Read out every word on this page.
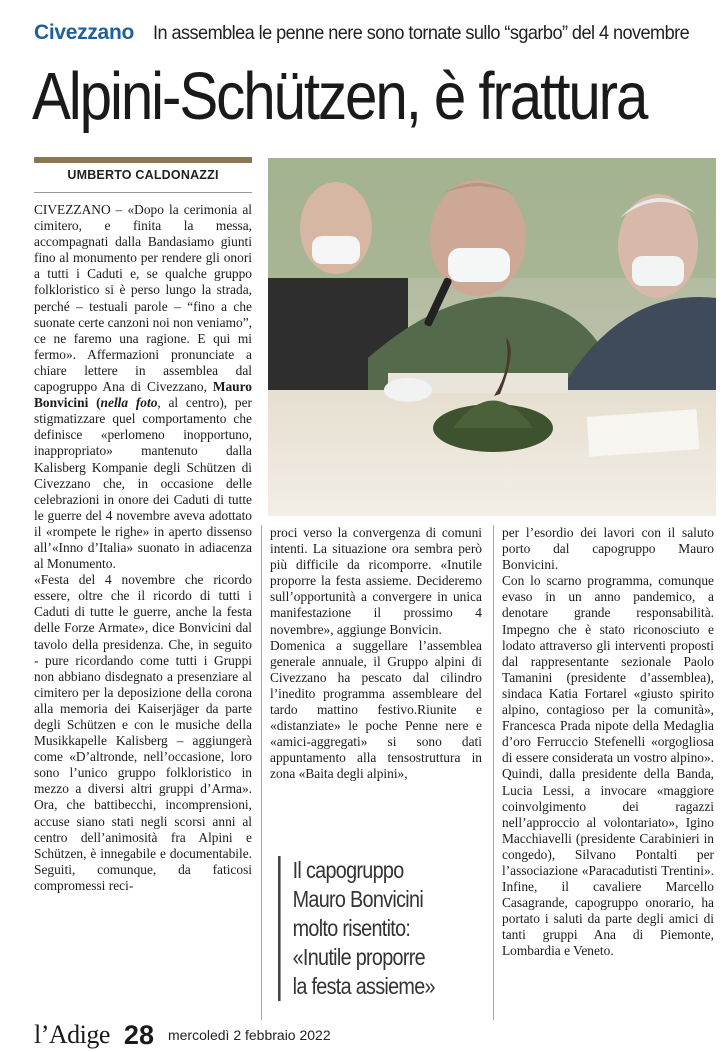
Civezzano In assemblea le penne nere sono tornate sullo “sgarbo” del 4 novembre
Alpini-Schützen, è frattura
UMBERTO CALDONAZZI

CIVEZZANO – «Dopo la cerimonia al cimitero, e finita la messa, accompagnati dalla Bandasiamo giunti fino al monumento per rendere gli onori a tutti i Caduti e, se qualche gruppo folkloristico si è perso lungo la strada, perché – testuali parole – “fino a che suonate certe canzoni noi non veniamo”, ce ne faremo una ragione. E qui mi fermo». Affermazioni pronunciate a chiare lettere in assemblea dal capogruppo Ana di Civezzano, Mauro Bonvicini (nella foto, al centro), per stigmatizzare quel comportamento che definisce «perlomeno inopportuno, inappropriato» mantenuto dalla Kalisberg Kompanie degli Schützen di Civezzano che, in occasione delle celebrazioni in onore dei Caduti di tutte le guerre del 4 novembre aveva adottato il «rompete le righe» in aperto dissenso all’«Inno d’Italia» suonato in adiacenza al Monumento.

«Festa del 4 novembre che ricordo essere, oltre che il ricordo di tutti i Caduti di tutte le guerre, anche la festa delle Forze Armate», dice Bonvicini dal tavolo della presidenza. Che, in seguito - pure ricordando come tutti i Gruppi non abbiano disdegnato a presenziare al cimitero per la deposizione della corona alla memoria dei Kaiserjäger da parte degli Schützen e con le musiche della Musikkapelle Kalisberg – aggiungerà come «D’altronde, nell’occasione, loro sono l’unico gruppo folkloristico in mezzo a diversi altri gruppi d’Arma». Ora, che battibecchi, incomprensioni, accuse siano stati negli scorsi anni al centro dell’animosità fra Alpini e Schützen, è innegabile e documentabile. Seguiti, comunque, da faticosi compromessi reci-

proci verso la convergenza di comuni intenti. La situazione ora sembra però più difficile da ricomporre. «Inutile proporre la festa assieme. Decideremo sull’opportunità a convergere in unica manifestazione il prossimo 4 novembre», aggiunge Bonvicin.

Domenica a suggellare l’assemblea generale annuale, il Gruppo alpini di Civezzano ha pescato dal cilindro l’inedito programma assembleare del tardo mattino festivo.Riunite e «distanziate» le poche Penne nere e «amici-aggregati» si sono dati appuntamento alla tensostruttura in zona «Baita degli alpini»,

Il capogruppo
Mauro Bonvicini
molto risentito:
«Inutile proporre
la festa assieme»

per l’esordio dei lavori con il saluto porto dal capogruppo Mauro Bonvicini.

Con lo scarno programma, comunque evaso in un anno pandemico, a denotare grande responsabilità. Impegno che è stato riconosciuto e lodato attraverso gli interventi proposti dal rappresentante sezionale Paolo Tamanini (presidente d’assemblea), sindaca Katia Fortarel «giusto spirito alpino, contagioso per la comunità», Francesca Prada nipote della Medaglia d’oro Ferruccio Stefenelli «orgogliosa di essere considerata un vostro alpino». Quindi, dalla presidente della Banda, Lucia Lessi, a invocare «maggiore coinvolgimento dei ragazzi nell’approccio al volontariato», Igino Macchiavelli (presidente Carabinieri in congedo), Silvano Pontalti per l’associazione «Paracadutisti Trentini». Infine, il cavaliere Marcello Casagrande, capogruppo onorario, ha portato i saluti da parte degli amici di tanti gruppi Ana di Piemonte, Lombardia e Veneto.

l’Adige 28 mercoledì 2 febbraio 2022
